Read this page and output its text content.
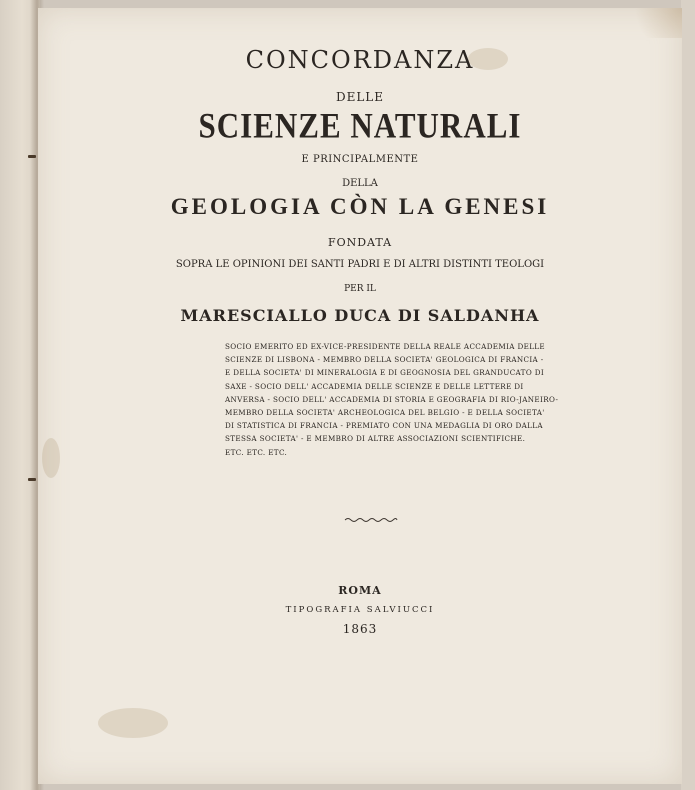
CONCORDANZA
DELLE
SCIENZE NATURALI
E PRINCIPALMENTE
DELLA
GEOLOGIA CÒN LA GENESI
FONDATA
SOPRA LE OPINIONI DEI SANTI PADRI E DI ALTRI DISTINTI TEOLOGI
PER IL
MARESCIALLO DUCA DI SALDANHA
SOCIO EMERITO ED EX-VICE-PRESIDENTE DELLA REALE ACCADEMIA DELLE
SCIENZE DI LISBONA - MEMBRO DELLA SOCIETA' GEOLOGICA DI FRANCIA -
E DELLA SOCIETA' DI MINERALOGIA E DI GEOGNOSIA DEL GRANDUCATO DI
SAXE - SOCIO DELL' ACCADEMIA DELLE SCIENZE E DELLE LETTERE DI
ANVERSA - SOCIO DELL' ACCADEMIA DI STORIA E GEOGRAFIA DI RIO-JANEIRO-
MEMBRO DELLA SOCIETA' ARCHEOLOGICA DEL BELGIO - E DELLA SOCIETA'
DI STATISTICA DI FRANCIA - PREMIATO CON UNA MEDAGLIA DI ORO DALLA
STESSA SOCIETA' - E MEMBRO DI ALTRE ASSOCIAZIONI SCIENTIFICHE.
ETC. ETC. ETC.
ROMA
TIPOGRAFIA SALVIUCCI
1863
